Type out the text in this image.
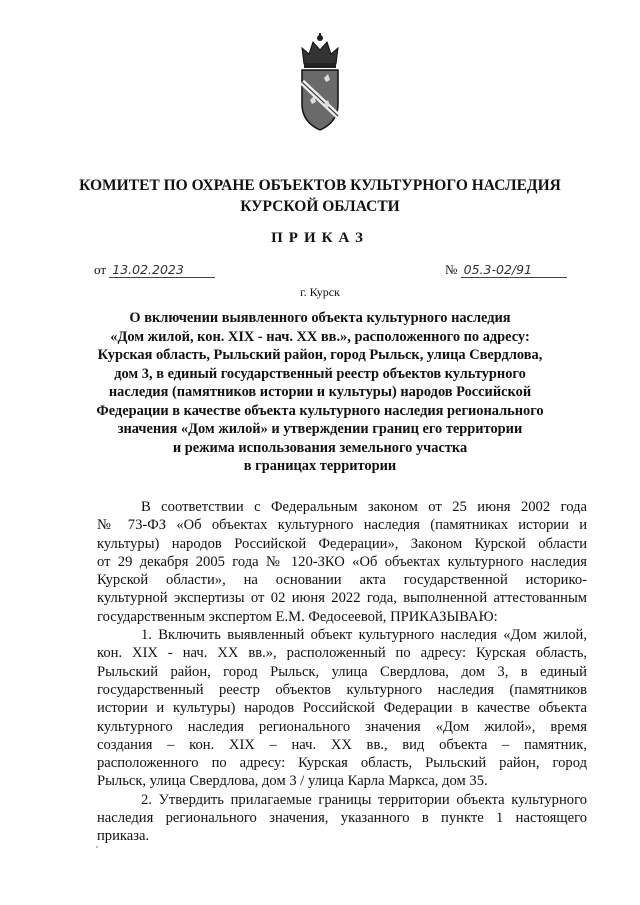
КОМИТЕТ ПО ОХРАНЕ ОБЪЕКТОВ КУЛЬТУРНОГО НАСЛЕДИЯ
КУРСКОЙ ОБЛАСТИ
ПРИКАЗ
от 13.02.2023	№ 05.3-02/91
г. Курск
О включении выявленного объекта культурного наследия
«Дом жилой, кон. XIX - нач. XX вв.», расположенного по адресу:
Курская область, Рыльский район, город Рыльск, улица Свердлова,
дом 3, в единый государственный реестр объектов культурного
наследия (памятников истории и культуры) народов Российской
Федерации в качестве объекта культурного наследия регионального
значения «Дом жилой» и утверждении границ его территории
и режима использования земельного участка
в границах территории
В соответствии с Федеральным законом от 25 июня 2002 года
№ 73-ФЗ «Об объектах культурного наследия (памятниках истории и
культуры) народов Российской Федерации», Законом Курской области
от 29 декабря 2005 года № 120-ЗКО «Об объектах культурного наследия
Курской области», на основании акта государственной историко-
культурной экспертизы от 02 июня 2022 года, выполненной аттестованным
государственным экспертом Е.М. Федосеевой, ПРИКАЗЫВАЮ:
1. Включить выявленный объект культурного наследия «Дом жилой,
кон. XIX - нач. XX вв.», расположенный по адресу: Курская область,
Рыльский район, город Рыльск, улица Свердлова, дом 3, в единый
государственный реестр объектов культурного наследия (памятников
истории и культуры) народов Российской Федерации в качестве объекта
культурного наследия регионального значения «Дом жилой», время
создания – кон. XIX – нач. XX вв., вид объекта – памятник,
расположенного по адресу: Курская область, Рыльский район, город
Рыльск, улица Свердлова, дом 3 / улица Карла Маркса, дом 35.
2. Утвердить прилагаемые границы территории объекта культурного
наследия регионального значения, указанного в пункте 1 настоящего
приказа.
